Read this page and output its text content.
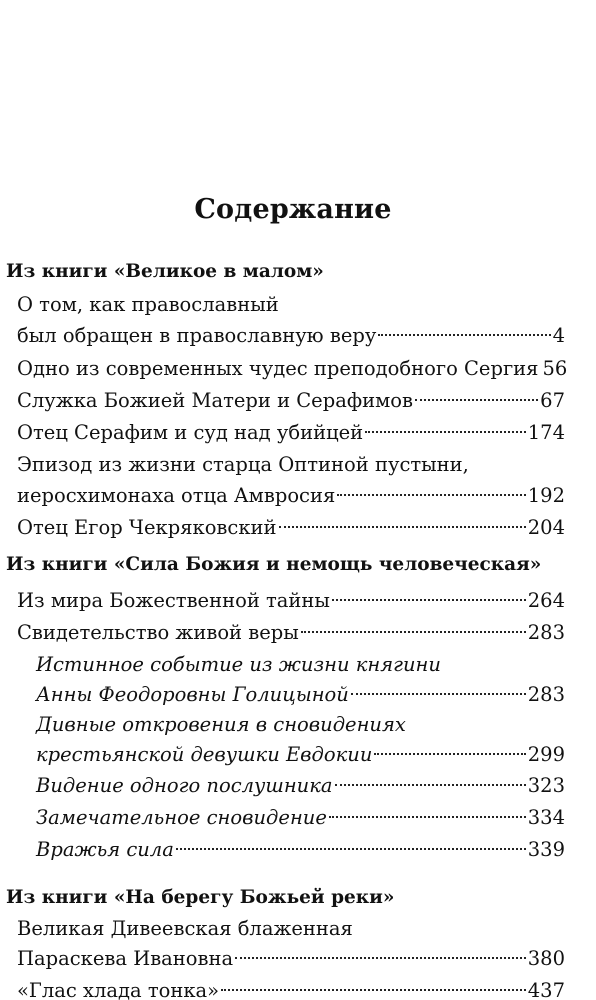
Содержание
Из книги «Великое в малом»
О том, как православный
был обращен в православную веру	4
Одно из современных чудес преподобного Сергия 56
Служка Божией Матери и Серафимов	67
Отец Серафим и суд над убийцей	174
Эпизод из жизни старца Оптиной пустыни,
иеросхимонаха отца Амвросия	192
Отец Егор Чекряковский	204
Из книги «Сила Божия и немощь человеческая»
Из мира Божественной тайны	264
Свидетельство живой веры	283
Истинное событие из жизни княгини
Анны Феодоровны Голицыной	283
Дивные откровения в сновидениях
крестьянской девушки Евдокии	299
Видение одного послушника	323
Замечательное сновидение	334
Вражья сила	339
Из книги «На берегу Божьей реки»
Великая Дивеевская блаженная
Параскева Ивановна	380
«Глас хлада тонка»	437
